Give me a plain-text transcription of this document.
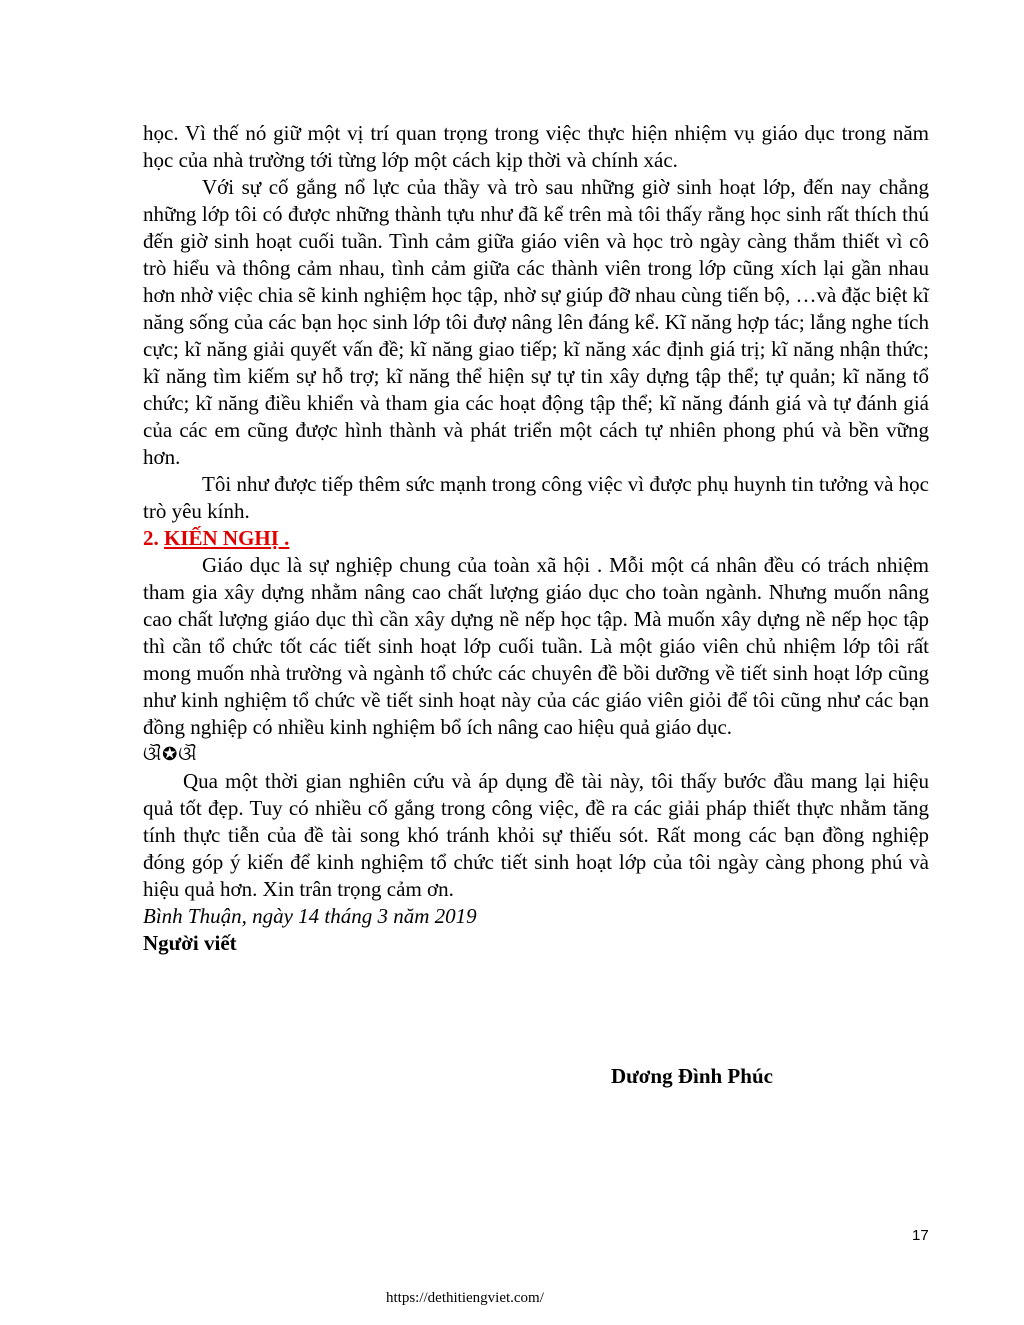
học. Vì thế nó giữ một vị trí quan trọng trong việc thực hiện nhiệm vụ giáo dục trong năm học của nhà trường tới từng lớp một cách kịp thời và chính xác.

Với sự cố gắng nổ lực của thầy và trò sau những giờ sinh hoạt lớp, đến nay chẳng những lớp tôi có được những thành tựu như đã kể trên mà tôi thấy rằng học sinh rất thích thú đến giờ sinh hoạt cuối tuần. Tình cảm giữa giáo viên và học trò ngày càng thắm thiết vì cô trò hiểu và thông cảm nhau, tình cảm giữa các thành viên trong lớp cũng xích lại gần nhau hơn nhờ việc chia sẽ kinh nghiệm học tập, nhờ sự giúp đỡ nhau cùng tiến bộ, …và đặc biệt kĩ năng sống của các bạn học sinh lớp tôi đượ nâng lên đáng kể. Kĩ năng hợp tác; lắng nghe tích cực; kĩ năng giải quyết vấn đề; kĩ năng giao tiếp; kĩ năng xác định giá trị; kĩ năng nhận thức; kĩ năng tìm kiếm sự hỗ trợ; kĩ năng thể hiện sự tự tin xây dựng tập thể; tự quản; kĩ năng tổ chức; kĩ năng điều khiển và tham gia các hoạt động tập thể; kĩ năng đánh giá và tự đánh giá của các em cũng được hình thành và phát triển một cách tự nhiên phong phú và bền vững hơn.

Tôi như được tiếp thêm sức mạnh trong công việc vì được phụ huynh tin tưởng và học trò yêu kính.

2. KIẾN NGHỊ .

Giáo dục là sự nghiệp chung của toàn xã hội . Mỗi một cá nhân đều có trách nhiệm tham gia xây dựng nhằm nâng cao chất lượng giáo dục cho toàn ngành. Nhưng muốn nâng cao chất lượng giáo dục thì cần xây dựng nề nếp học tập. Mà muốn xây dựng nề nếp học tập thì cần tổ chức tốt các tiết sinh hoạt lớp cuối tuần. Là một giáo viên chủ nhiệm lớp tôi rất mong muốn nhà trường và ngành tổ chức các chuyên đề bồi dưỡng về tiết sinh hoạt lớp cũng như kinh nghiệm tổ chức về tiết sinh hoạt này của các giáo viên giỏi để tôi cũng như các bạn đồng nghiệp có nhiều kinh nghiệm bổ ích nâng cao hiệu quả giáo dục.

ଔ✪ଔ

Qua một thời gian nghiên cứu và áp dụng đề tài này, tôi thấy bước đầu mang lại hiệu quả tốt đẹp. Tuy có nhiều cố gắng trong công việc, đề ra các giải pháp thiết thực nhằm tăng tính thực tiễn của đề tài song khó tránh khỏi sự thiếu sót. Rất mong các bạn đồng nghiệp đóng góp ý kiến để kinh nghiệm tổ chức tiết sinh hoạt lớp của tôi ngày càng phong phú và hiệu quả hơn. Xin trân trọng cảm ơn.

Bình Thuận, ngày 14 tháng 3 năm 2019

Người viết

Dương Đình Phúc
17
https://dethitiengviet.com/
